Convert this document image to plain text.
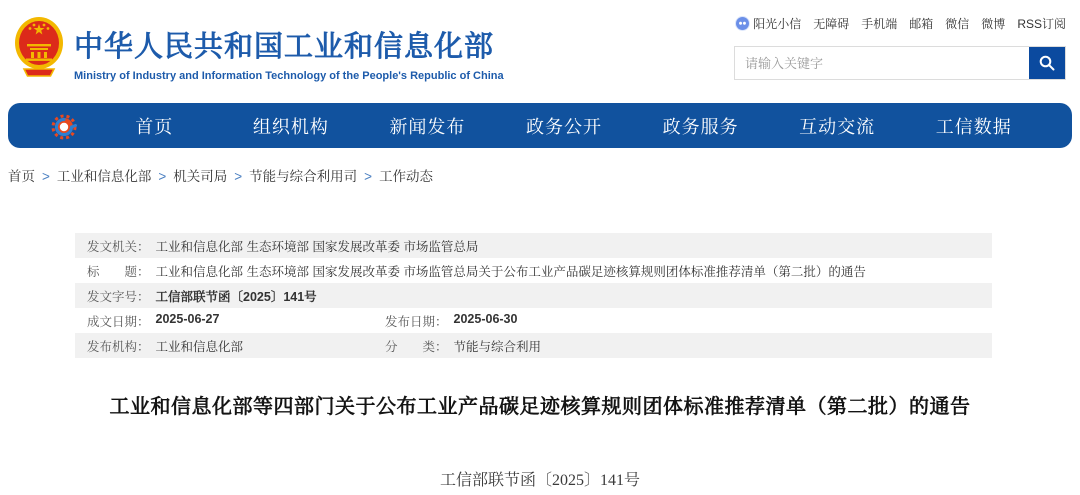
中华人民共和国工业和信息化部
Ministry of Industry and Information Technology of the People's Republic of China
阳光小信 无障碍 手机端 邮箱 微信 微博 RSS订阅
请输入关键字
首页	组织机构	新闻发布	政务公开	政务服务	互动交流	工信数据
首页 > 工业和信息化部 > 机关司局 > 节能与综合利用司 > 工作动态
发文机关： 工业和信息化部 生态环境部 国家发展改革委 市场监管总局
标　　题： 工业和信息化部 生态环境部 国家发展改革委 市场监管总局关于公布工业产品碳足迹核算规则团体标准推荐清单（第二批）的通告
发文字号： 工信部联节函〔2025〕141号
成文日期： 2025-06-27	发布日期： 2025-06-30
发布机构： 工业和信息化部	分　　类： 节能与综合利用
工业和信息化部等四部门关于公布工业产品碳足迹核算规则团体标准推荐清单（第二批）的通告
工信部联节函〔2025〕141号
